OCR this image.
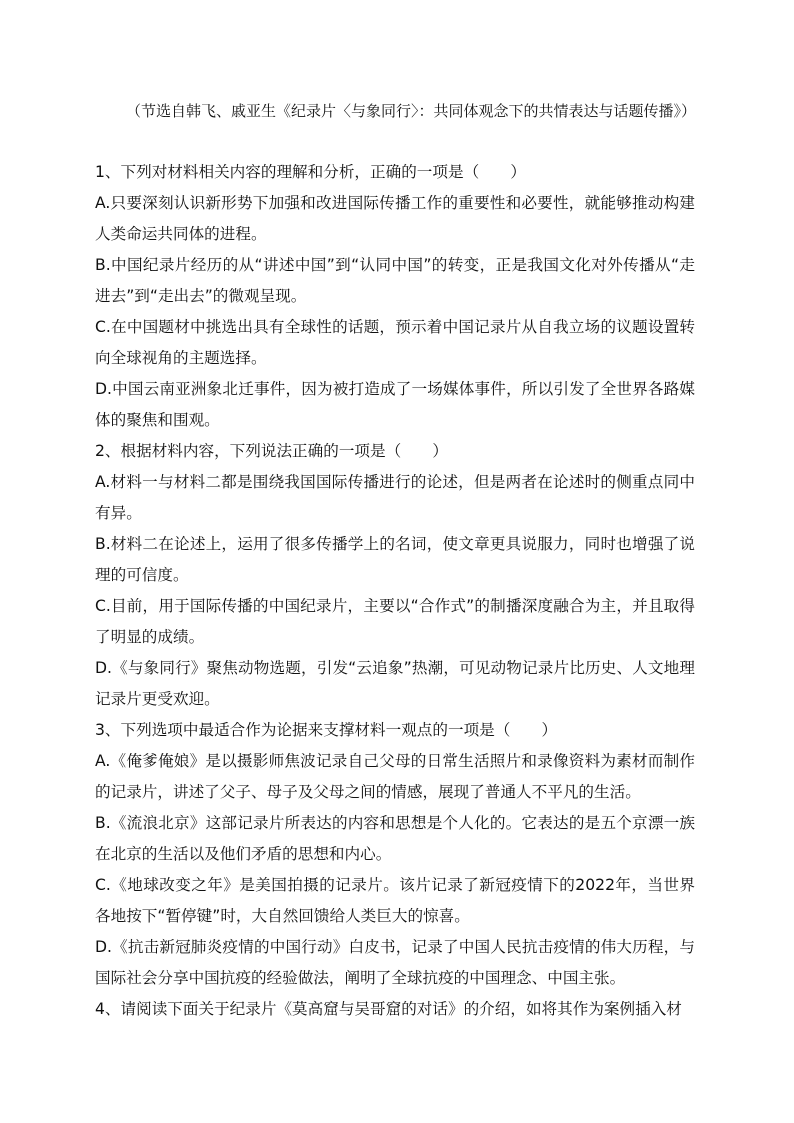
（节选自韩飞、戚亚生《纪录片〈与象同行〉：共同体观念下的共情表达与话题传播》）

1、下列对材料相关内容的理解和分析，正确的一项是（　　）

A.只要深刻认识新形势下加强和改进国际传播工作的重要性和必要性，就能够推动构建人类命运共同体的进程。

B.中国纪录片经历的从“讲述中国”到“认同中国”的转变，正是我国文化对外传播从“走进去”到“走出去”的微观呈现。

C.在中国题材中挑选出具有全球性的话题，预示着中国记录片从自我立场的议题设置转向全球视角的主题选择。

D.中国云南亚洲象北迁事件，因为被打造成了一场媒体事件，所以引发了全世界各路媒体的聚焦和围观。

2、根据材料内容，下列说法正确的一项是（　　）

A.材料一与材料二都是围绕我国国际传播进行的论述，但是两者在论述时的侧重点同中有异。

B.材料二在论述上，运用了很多传播学上的名词，使文章更具说服力，同时也增强了说理的可信度。

C.目前，用于国际传播的中国纪录片，主要以“合作式”的制播深度融合为主，并且取得了明显的成绩。

D.《与象同行》聚焦动物选题，引发“云追象”热潮，可见动物记录片比历史、人文地理记录片更受欢迎。

3、下列选项中最适合作为论据来支撑材料一观点的一项是（　　）

A.《俺爹俺娘》是以摄影师焦波记录自己父母的日常生活照片和录像资料为素材而制作的记录片，讲述了父子、母子及父母之间的情感，展现了普通人不平凡的生活。

B.《流浪北京》这部记录片所表达的内容和思想是个人化的。它表达的是五个京漂一族在北京的生活以及他们矛盾的思想和内心。

C.《地球改变之年》是美国拍摄的记录片。该片记录了新冠疫情下的2022年，当世界各地按下“暂停键”时，大自然回馈给人类巨大的惊喜。

D.《抗击新冠肺炎疫情的中国行动》白皮书，记录了中国人民抗击疫情的伟大历程，与国际社会分享中国抗疫的经验做法，阐明了全球抗疫的中国理念、中国主张。

4、请阅读下面关于纪录片《莫高窟与吴哥窟的对话》的介绍，如将其作为案例插入材
